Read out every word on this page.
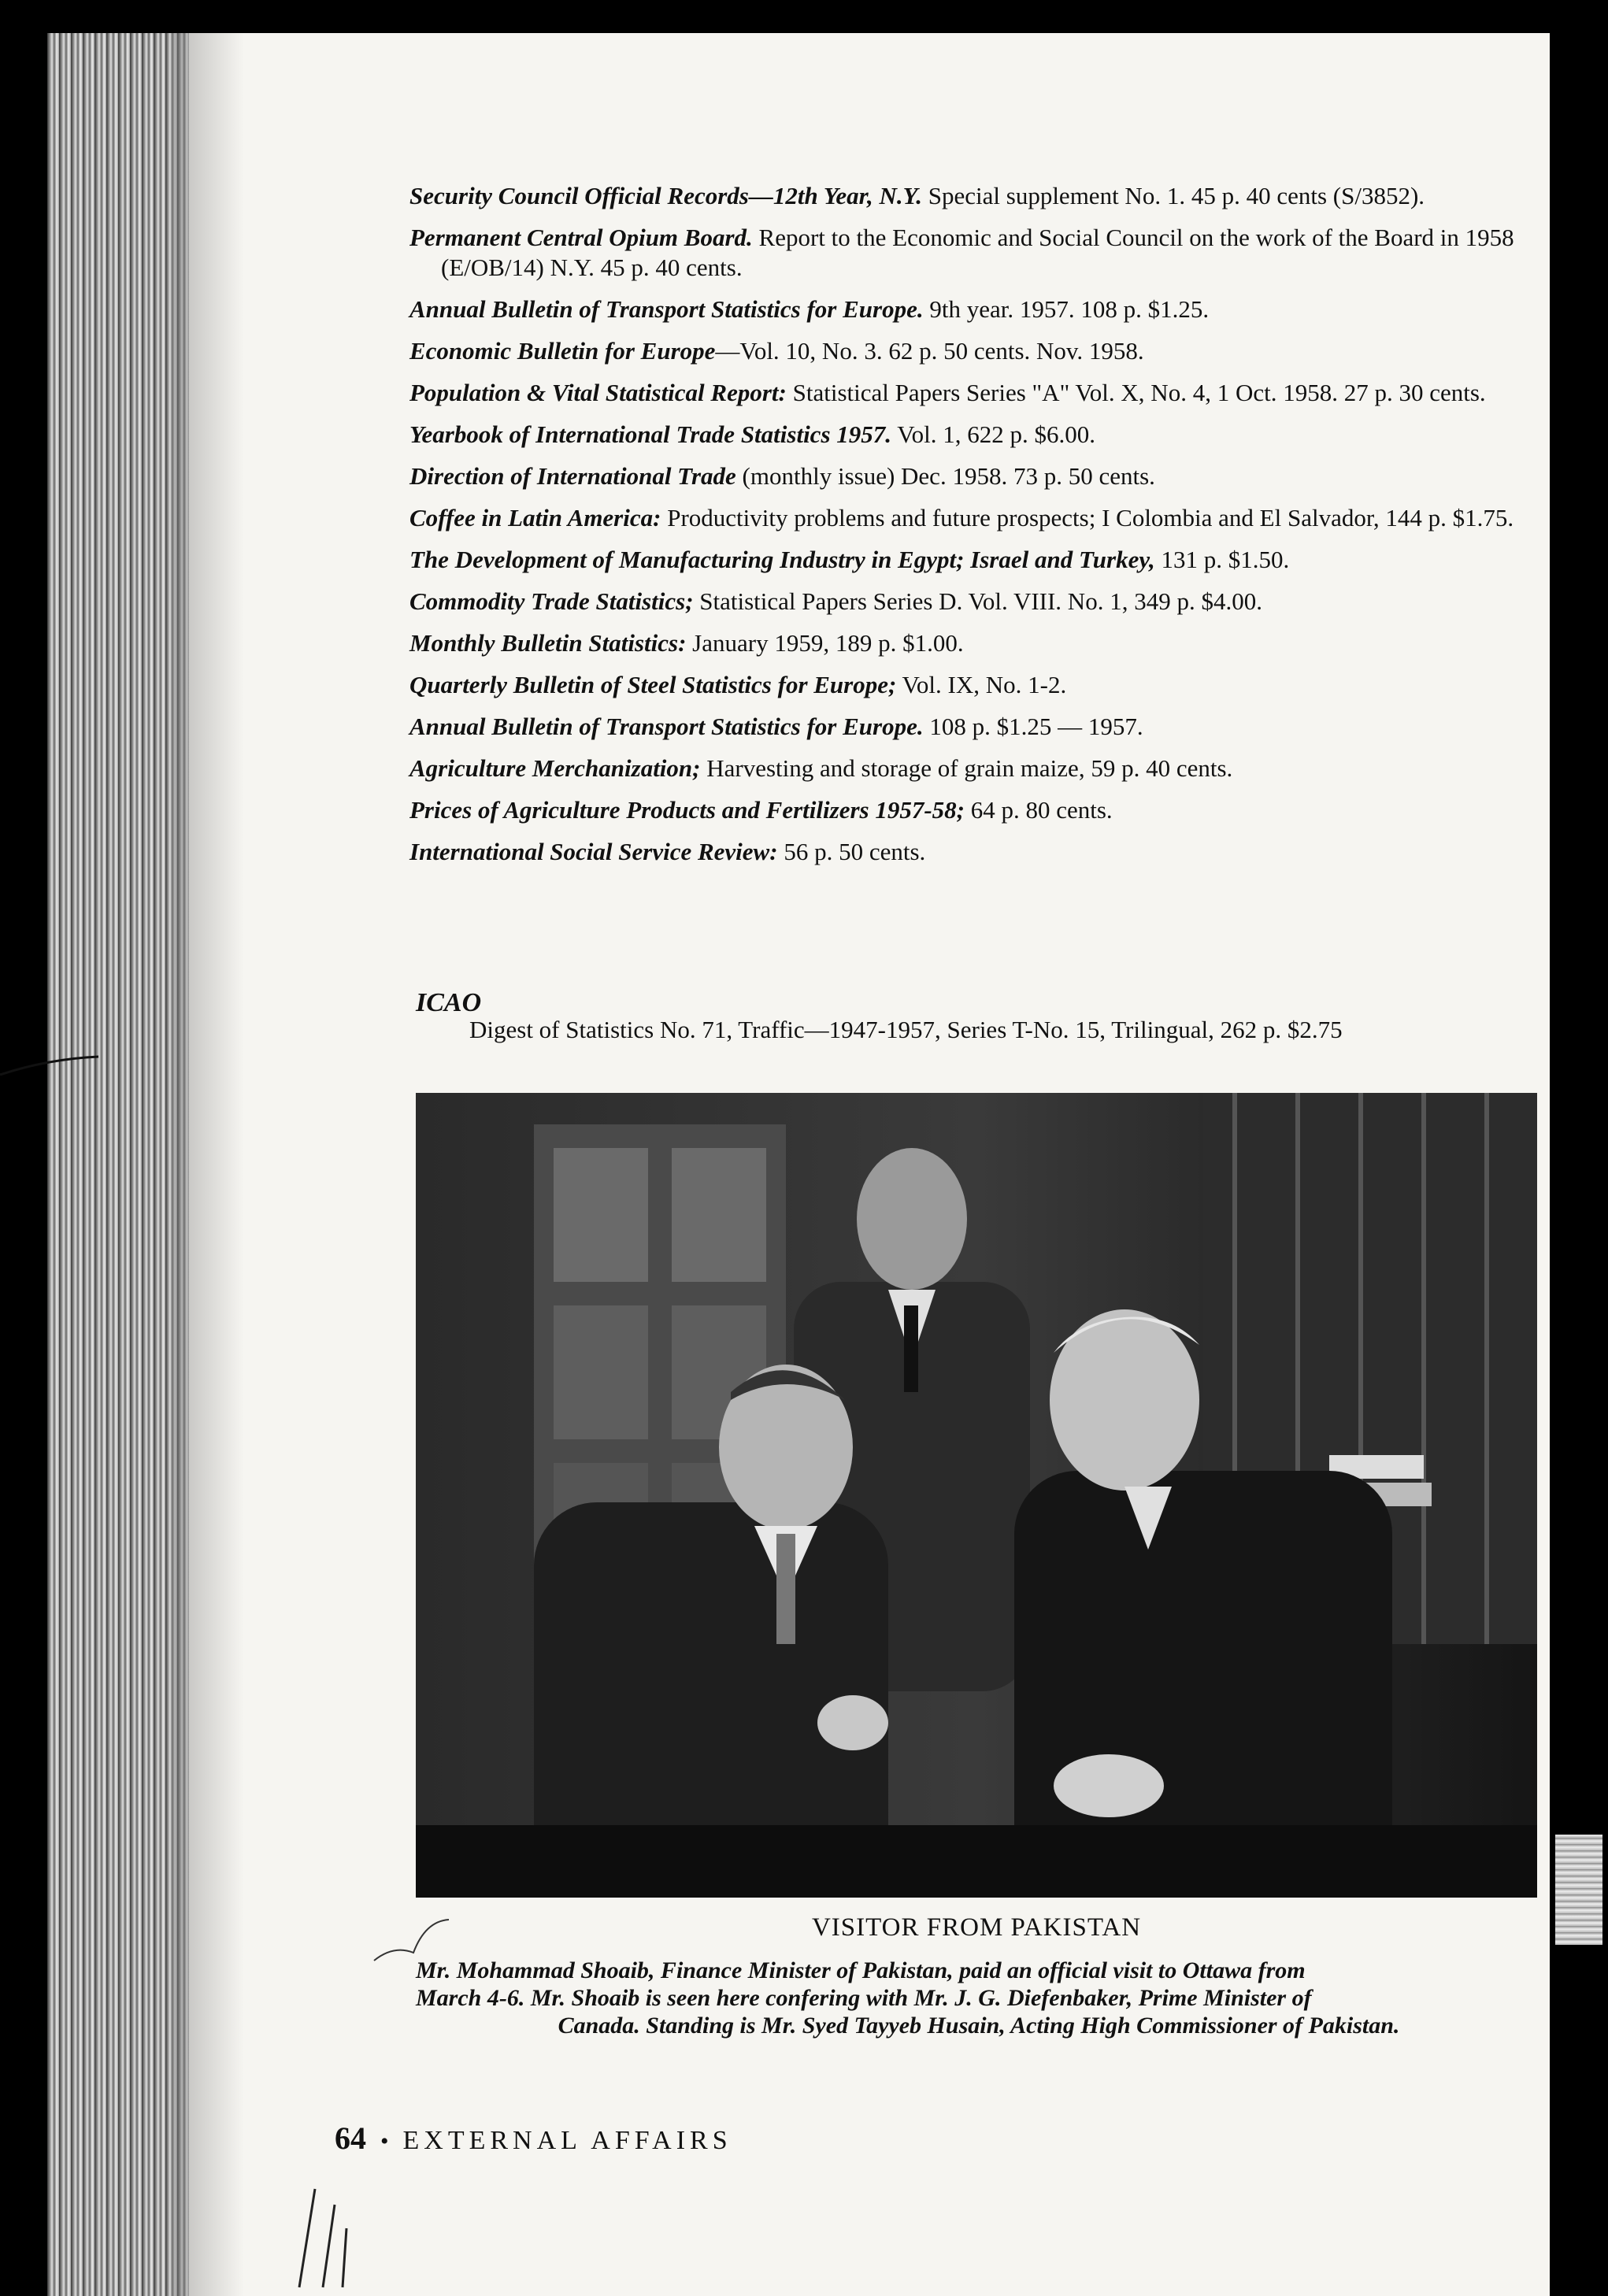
Security Council Official Records—12th Year, N.Y. Special supplement No. 1. 45 p. 40 cents (S/3852).
Permanent Central Opium Board. Report to the Economic and Social Council on the work of the Board in 1958 (E/OB/14) N.Y. 45 p. 40 cents.
Annual Bulletin of Transport Statistics for Europe. 9th year. 1957. 108 p. $1.25.
Economic Bulletin for Europe—Vol. 10, No. 3. 62 p. 50 cents. Nov. 1958.
Population & Vital Statistical Report: Statistical Papers Series "A" Vol. X, No. 4, 1 Oct. 1958. 27 p. 30 cents.
Yearbook of International Trade Statistics 1957. Vol. 1, 622 p. $6.00.
Direction of International Trade (monthly issue) Dec. 1958. 73 p. 50 cents.
Coffee in Latin America: Productivity problems and future prospects; I Colombia and El Salvador, 144 p. $1.75.
The Development of Manufacturing Industry in Egypt; Israel and Turkey, 131 p. $1.50.
Commodity Trade Statistics; Statistical Papers Series D. Vol. VIII. No. 1, 349 p. $4.00.
Monthly Bulletin Statistics: January 1959, 189 p. $1.00.
Quarterly Bulletin of Steel Statistics for Europe; Vol. IX, No. 1-2.
Annual Bulletin of Transport Statistics for Europe. 108 p. $1.25 — 1957.
Agriculture Merchanization; Harvesting and storage of grain maize, 59 p. 40 cents.
Prices of Agriculture Products and Fertilizers 1957-58; 64 p. 80 cents.
International Social Service Review: 56 p. 50 cents.
ICAO
Digest of Statistics No. 71, Traffic—1947-1957, Series T-No. 15, Trilingual, 262 p. $2.75
VISITOR FROM PAKISTAN
Mr. Mohammad Shoaib, Finance Minister of Pakistan, paid an official visit to Ottawa from
March 4-6. Mr. Shoaib is seen here confering with Mr. J. G. Diefenbaker, Prime Minister of

Canada. Standing is Mr. Syed Tayyeb Husain, Acting High Commissioner of Pakistan.
64 • EXTERNAL AFFAIRS
